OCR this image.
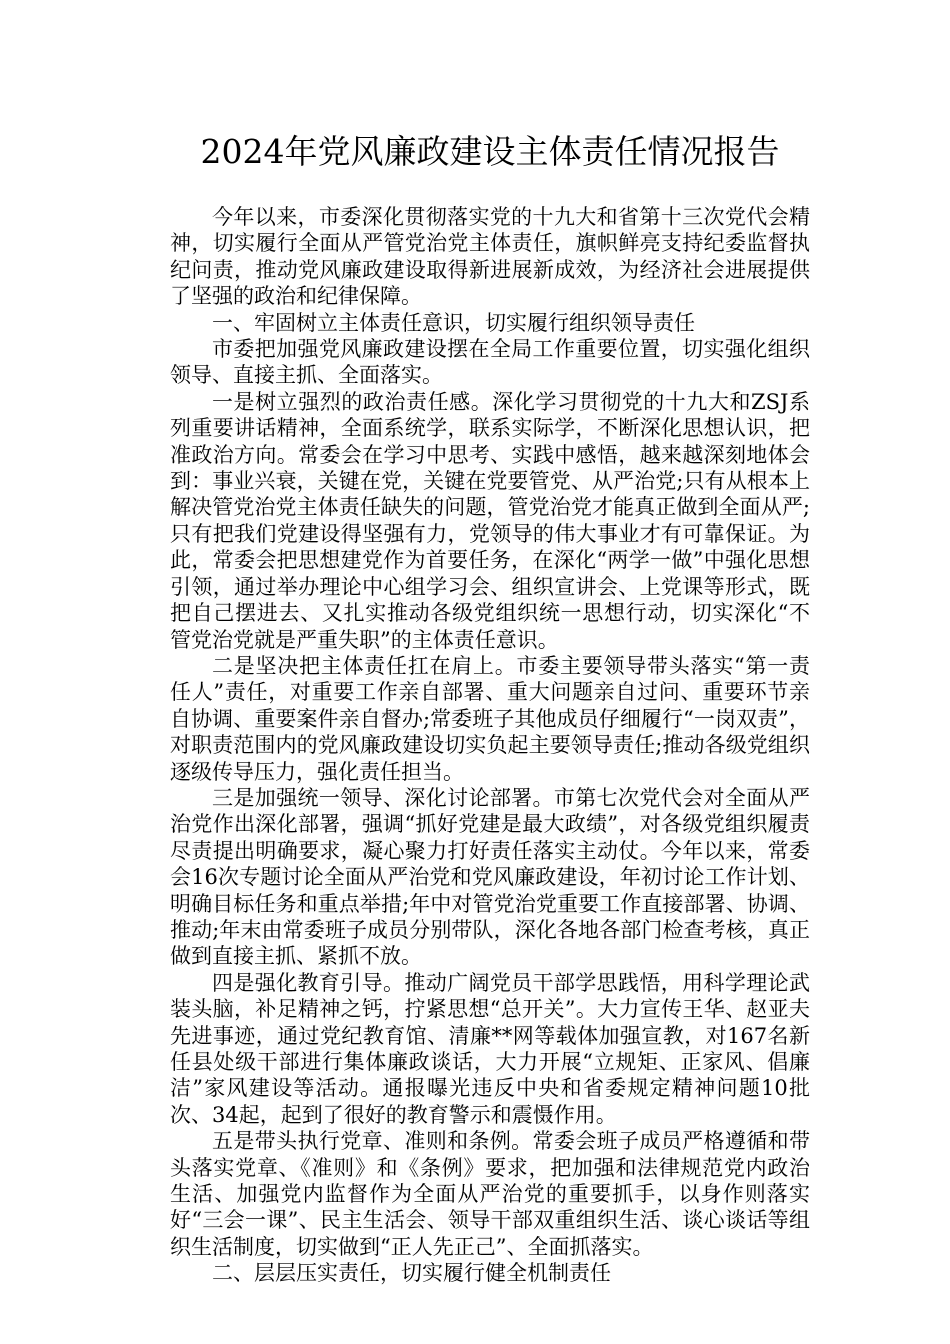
2024年党风廉政建设主体责任情况报告

今年以来，市委深化贯彻落实党的十九大和省第十三次党代会精神，切实履行全面从严管党治党主体责任，旗帜鲜亮支持纪委监督执纪问责，推动党风廉政建设取得新进展新成效，为经济社会进展提供了坚强的政治和纪律保障。

一、牢固树立主体责任意识，切实履行组织领导责任

市委把加强党风廉政建设摆在全局工作重要位置，切实强化组织领导、直接主抓、全面落实。

一是树立强烈的政治责任感。深化学习贯彻党的十九大和ZSJ系列重要讲话精神，全面系统学，联系实际学，不断深化思想认识，把准政治方向。常委会在学习中思考、实践中感悟，越来越深刻地体会到：事业兴衰，关键在党，关键在党要管党、从严治党;只有从根本上解决管党治党主体责任缺失的问题，管党治党才能真正做到全面从严;只有把我们党建设得坚强有力，党领导的伟大事业才有可靠保证。为此，常委会把思想建党作为首要任务，在深化“两学一做”中强化思想引领，通过举办理论中心组学习会、组织宣讲会、上党课等形式，既把自己摆进去、又扎实推动各级党组织统一思想行动，切实深化“不管党治党就是严重失职”的主体责任意识。

二是坚决把主体责任扛在肩上。市委主要领导带头落实“第一责任人”责任，对重要工作亲自部署、重大问题亲自过问、重要环节亲自协调、重要案件亲自督办;常委班子其他成员仔细履行“一岗双责”，对职责范围内的党风廉政建设切实负起主要领导责任;推动各级党组织逐级传导压力，强化责任担当。

三是加强统一领导、深化讨论部署。市第七次党代会对全面从严治党作出深化部署，强调“抓好党建是最大政绩”，对各级党组织履责尽责提出明确要求，凝心聚力打好责任落实主动仗。今年以来，常委会16次专题讨论全面从严治党和党风廉政建设，年初讨论工作计划、明确目标任务和重点举措;年中对管党治党重要工作直接部署、协调、推动;年末由常委班子成员分别带队，深化各地各部门检查考核，真正做到直接主抓、紧抓不放。

四是强化教育引导。推动广阔党员干部学思践悟，用科学理论武装头脑，补足精神之钙，拧紧思想“总开关”。大力宣传王华、赵亚夫先进事迹，通过党纪教育馆、清廉**网等载体加强宣教，对167名新任县处级干部进行集体廉政谈话，大力开展“立规矩、正家风、倡廉洁”家风建设等活动。通报曝光违反中央和省委规定精神问题10批次、34起，起到了很好的教育警示和震慑作用。

五是带头执行党章、准则和条例。常委会班子成员严格遵循和带头落实党章、《准则》和《条例》要求，把加强和法律规范党内政治生活、加强党内监督作为全面从严治党的重要抓手，以身作则落实好“三会一课”、民主生活会、领导干部双重组织生活、谈心谈话等组织生活制度，切实做到“正人先正己”、全面抓落实。

二、层层压实责任，切实履行健全机制责任
